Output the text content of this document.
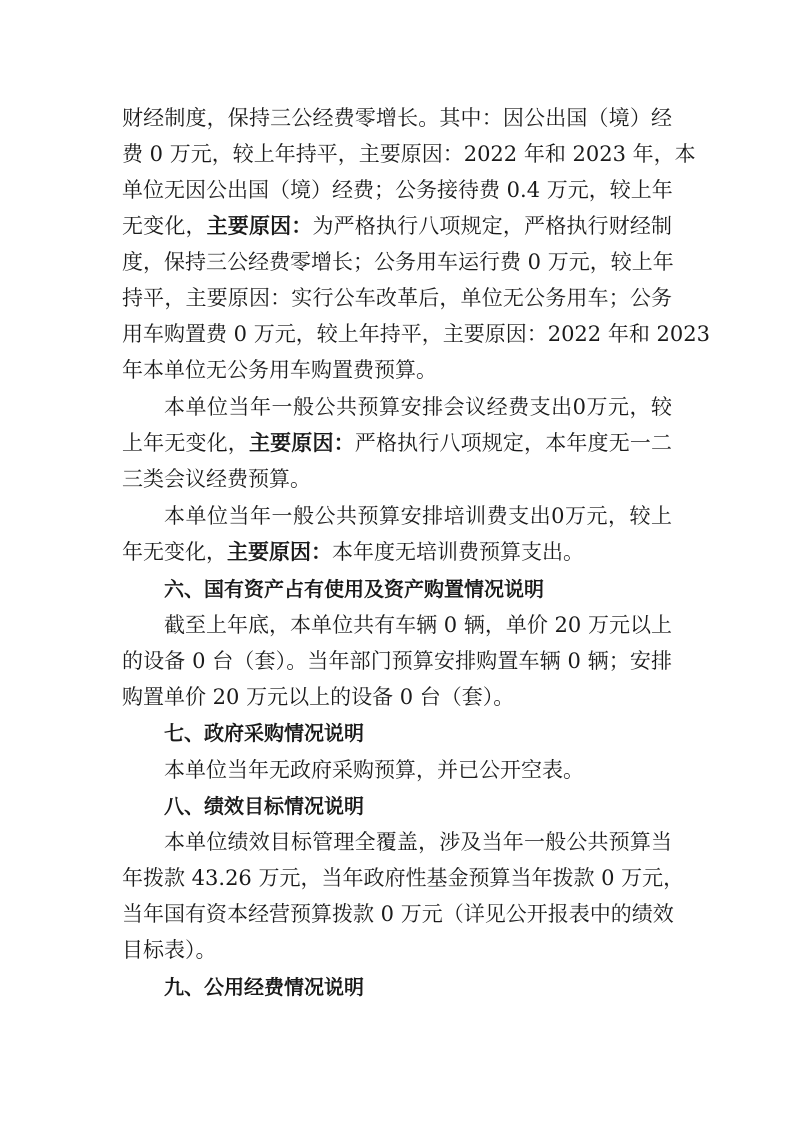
财经制度，保持三公经费零增长。其中：因公出国（境）经
费 0 万元，较上年持平，主要原因：2022 年和 2023 年，本
单位无因公出国（境）经费；公务接待费 0.4 万元，较上年
无变化，主要原因：为严格执行八项规定，严格执行财经制
度，保持三公经费零增长；公务用车运行费 0 万元，较上年
持平，主要原因：实行公车改革后，单位无公务用车；公务
用车购置费 0 万元，较上年持平，主要原因：2022 年和 2023
年本单位无公务用车购置费预算。
本单位当年一般公共预算安排会议经费支出0万元，较
上年无变化，主要原因：严格执行八项规定，本年度无一二
三类会议经费预算。
本单位当年一般公共预算安排培训费支出0万元，较上
年无变化，主要原因：本年度无培训费预算支出。
六、国有资产占有使用及资产购置情况说明
截至上年底，本单位共有车辆 0 辆，单价 20 万元以上
的设备 0 台（套）。当年部门预算安排购置车辆 0 辆；安排
购置单价 20 万元以上的设备 0 台（套）。
七、政府采购情况说明
本单位当年无政府采购预算，并已公开空表。
八、绩效目标情况说明
本单位绩效目标管理全覆盖，涉及当年一般公共预算当
年拨款 43.26 万元，当年政府性基金预算当年拨款 0 万元，
当年国有资本经营预算拨款 0 万元（详见公开报表中的绩效
目标表）。
九、公用经费情况说明
